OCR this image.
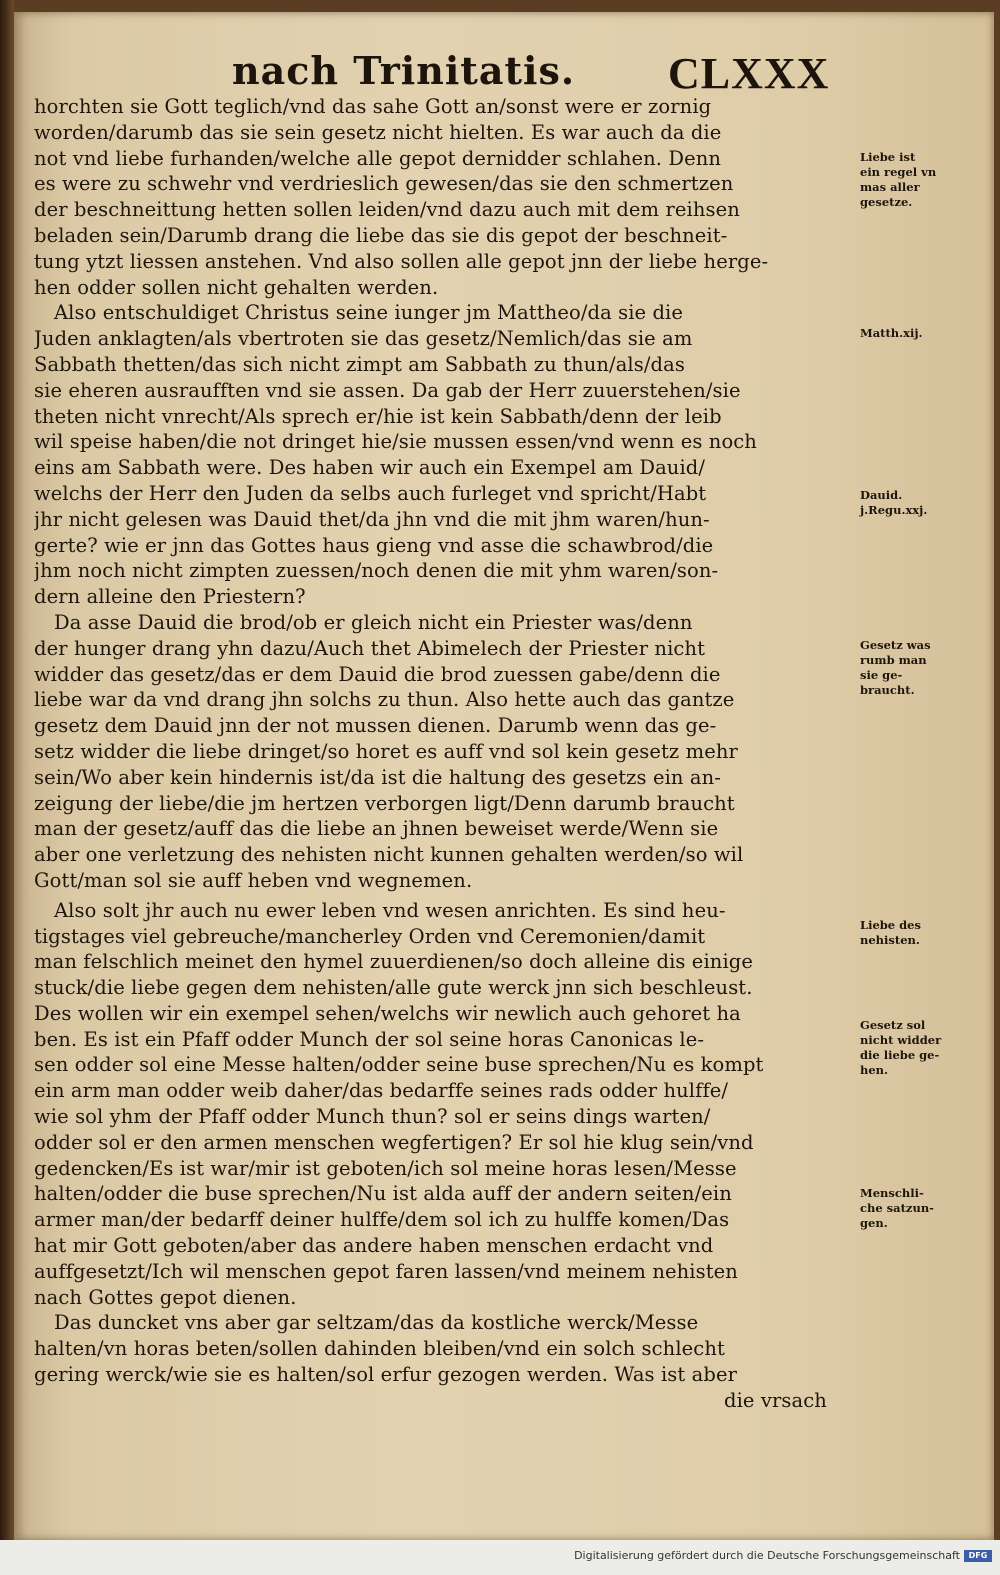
nach Trinitatis. CLXXX
horchten sie Gott teglich/vnd das sahe Gott an/sonst were er zornig
worden/darumb das sie sein gesetz nicht hielten. Es war auch da die
not vnd liebe furhanden/welche alle gepot dernidder schlahen. Denn
es were zu schwehr vnd verdrieslich gewesen/das sie den schmertzen
der beschneittung hetten sollen leiden/vnd dazu auch mit dem reihsen
beladen sein/Darumb drang die liebe das sie dis gepot der beschneit-
tung ytzt liessen anstehen. Vnd also sollen alle gepot jnn der liebe herge-
hen odder sollen nicht gehalten werden.
Also entschuldiget Christus seine iunger jm Mattheo/da sie die
Juden anklagten/als vbertroten sie das gesetz/Nemlich/das sie am
Sabbath thetten/das sich nicht zimpt am Sabbath zu thun/als/das
sie eheren ausraufften vnd sie assen. Da gab der Herr zuuerstehen/sie
theten nicht vnrecht/Als sprech er/hie ist kein Sabbath/denn der leib
wil speise haben/die not dringet hie/sie mussen essen/vnd wenn es noch
eins am Sabbath were. Des haben wir auch ein Exempel am Dauid/
welchs der Herr den Juden da selbs auch furleget vnd spricht/Habt
jhr nicht gelesen was Dauid thet/da jhn vnd die mit jhm waren/hun-
gerte? wie er jnn das Gottes haus gieng vnd asse die schawbrod/die
jhm noch nicht zimpten zuessen/noch denen die mit yhm waren/son-
dern alleine den Priestern?
Da asse Dauid die brod/ob er gleich nicht ein Priester was/denn
der hunger drang yhn dazu/Auch thet Abimelech der Priester nicht
widder das gesetz/das er dem Dauid die brod zuessen gabe/denn die
liebe war da vnd drang jhn solchs zu thun. Also hette auch das gantze
gesetz dem Dauid jnn der not mussen dienen. Darumb wenn das ge-
setz widder die liebe dringet/so horet es auff vnd sol kein gesetz mehr
sein/Wo aber kein hindernis ist/da ist die haltung des gesetzs ein an-
zeigung der liebe/die jm hertzen verborgen ligt/Denn darumb braucht
man der gesetz/auff das die liebe an jhnen beweiset werde/Wenn sie
aber one verletzung des nehisten nicht kunnen gehalten werden/so wil
Gott/man sol sie auff heben vnd wegnemen.
Also solt jhr auch nu ewer leben vnd wesen anrichten. Es sind heu-
tigstages viel gebreuche/mancherley Orden vnd Ceremonien/damit
man felschlich meinet den hymel zuuerdienen/so doch alleine dis einige
stuck/die liebe gegen dem nehisten/alle gute werck jnn sich beschleust.
Des wollen wir ein exempel sehen/welchs wir newlich auch gehoret ha
ben. Es ist ein Pfaff odder Munch der sol seine horas Canonicas le-
sen odder sol eine Messe halten/odder seine buse sprechen/Nu es kompt
ein arm man odder weib daher/das bedarffe seines rads odder hulffe/
wie sol yhm der Pfaff odder Munch thun? sol er seins dings warten/
odder sol er den armen menschen wegfertigen? Er sol hie klug sein/vnd
gedencken/Es ist war/mir ist geboten/ich sol meine horas lesen/Messe
halten/odder die buse sprechen/Nu ist alda auff der andern seiten/ein
armer man/der bedarff deiner hulffe/dem sol ich zu hulffe komen/Das
hat mir Gott geboten/aber das andere haben menschen erdacht vnd
auffgesetzt/Ich wil menschen gepot faren lassen/vnd meinem nehisten
nach Gottes gepot dienen.
Das duncket vns aber gar seltzam/das da kostliche werck/Messe
halten/vn horas beten/sollen dahinden bleiben/vnd ein solch schlecht
gering werck/wie sie es halten/sol erfur gezogen werden. Was ist aber
die vrsach
Liebe ist
ein regel vn
mas aller
gesetze.
Matth.xij.
Dauid.
j.Regu.xxj.
Gesetz was
rumb man
sie ge-
braucht.
Liebe des
nehisten.
Gesetz sol
nicht widder
die liebe ge-
hen.
Menschli-
che satzun-
gen.
Digitalisierung gefördert durch die Deutsche Forschungsgemeinschaft	DFG
